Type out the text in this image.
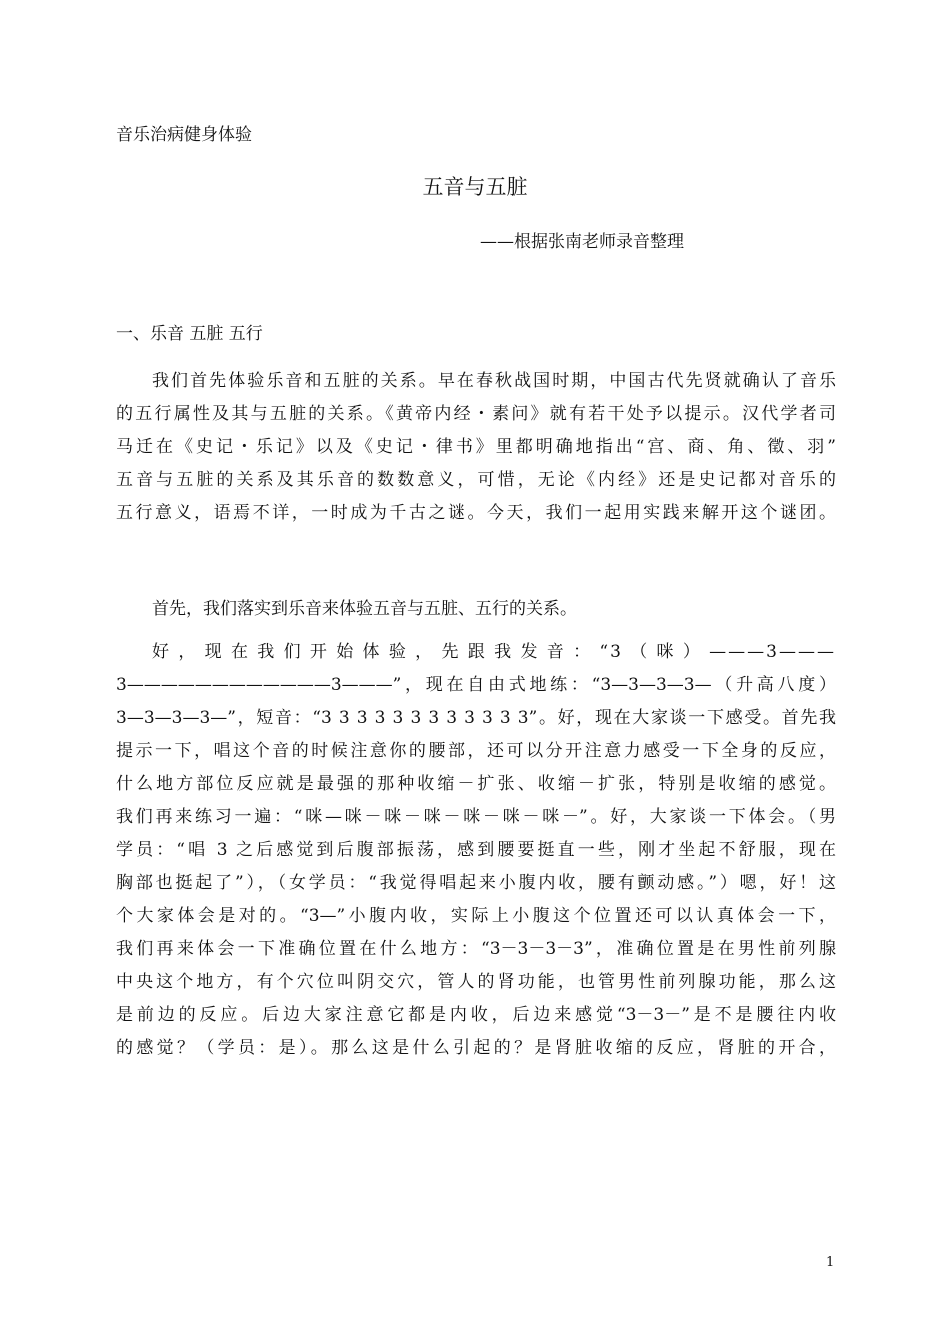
音乐治病健身体验
五音与五脏
——根据张南老师录音整理
一、乐音 五脏 五行
我们首先体验乐音和五脏的关系。早在春秋战国时期，中国古代先贤就确认了音乐
的五行属性及其与五脏的关系。《黄帝内经・素问》就有若干处予以提示。汉代学者司
马迁在《史记・乐记》以及《史记・律书》里都明确地指出“宫、商、角、徵、羽”
五音与五脏的关系及其乐音的数数意义，可惜，无论《内经》还是史记都对音乐的
五行意义，语焉不详，一时成为千古之谜。今天，我们一起用实践来解开这个谜团。
首先，我们落实到乐音来体验五音与五脏、五行的关系。
好，现在我们开始体验，先跟我发音：“3（咪）———3———
3————————————3———”，现在自由式地练：“3—3—3—3—（升高八度）
3—3—3—3—”，短音：“3 3 3 3 3 3 3 3 3 3 3 3”。好，现在大家谈一下感受。首先我
提示一下，唱这个音的时候注意你的腰部，还可以分开注意力感受一下全身的反应，
什么地方部位反应就是最强的那种收缩－扩张、收缩－扩张，特别是收缩的感觉。
我们再来练习一遍：“咪—咪－咪－咪－咪－咪－咪－”。好，大家谈一下体会。（男
学员：“唱 3 之后感觉到后腹部振荡，感到腰要挺直一些，刚才坐起不舒服，现在
胸部也挺起了”），（女学员：“我觉得唱起来小腹内收，腰有颤动感。”）嗯，好！这
个大家体会是对的。“3—”小腹内收，实际上小腹这个位置还可以认真体会一下，
我们再来体会一下准确位置在什么地方：“3－3－3－3”，准确位置是在男性前列腺
中央这个地方，有个穴位叫阴交穴，管人的肾功能，也管男性前列腺功能，那么这
是前边的反应。后边大家注意它都是内收，后边来感觉“3－3－”是不是腰往内收
的感觉？（学员：是）。那么这是什么引起的？是肾脏收缩的反应，肾脏的开合，
1
